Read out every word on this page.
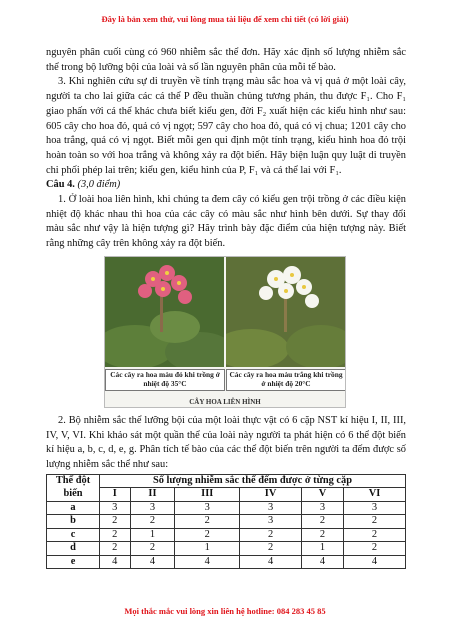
Đây là bản xem thử, vui lòng mua tài liệu để xem chi tiết (có lời giải)

nguyên phân cuối cùng có 960 nhiễm sắc thể đơn. Hãy xác định số lượng nhiễm sắc thể trong bộ lưỡng bội của loài và số lần nguyên phân của mỗi tế bào.

3. Khi nghiên cứu sự di truyền về tính trạng màu sắc hoa và vị quả ở một loài cây, người ta cho lai giữa các cá thể P đều thuần chủng tương phản, thu được F₁. Cho F₁ giao phấn với cá thể khác chưa biết kiểu gen, đời F₂ xuất hiện các kiểu hình như sau: 605 cây cho hoa đỏ, quả có vị ngọt; 597 cây cho hoa đỏ, quả có vị chua; 1201 cây cho hoa trắng, quả có vị ngọt. Biết mỗi gen qui định một tính trạng, kiểu hình hoa đỏ trội hoàn toàn so với hoa trắng và không xảy ra đột biến. Hãy biện luận quy luật di truyền chi phối phép lai trên; kiểu gen, kiểu hình của P, F₁ và cá thể lai với F₁.

Câu 4. (3,0 điểm)

1. Ở loài hoa liên hình, khi chúng ta đem cây có kiểu gen trội trồng ở các điều kiện nhiệt độ khác nhau thì hoa của các cây có màu sắc như hình bên dưới. Sự thay đổi màu sắc như vậy là hiện tượng gì? Hãy trình bày đặc điểm của hiện tượng này. Biết rằng những cây trên không xảy ra đột biến.

Các cây ra hoa màu đỏ khi trồng ở nhiệt độ 35°C
Các cây ra hoa màu trắng khi trồng ở nhiệt độ 20°C
CÂY HOA LIÊN HÌNH

2. Bộ nhiễm sắc thể lưỡng bội của một loài thực vật có 6 cặp NST kí hiệu I, II, III, IV, V, VI. Khi khảo sát một quần thể của loài này người ta phát hiện có 6 thể đột biến kí hiệu a, b, c, d, e, g. Phân tích tế bào của các thể đột biến trên người ta đếm được số lượng nhiễm sắc thể như sau:

Thể đột biến	Số lượng nhiễm sắc thể đếm được ở từng cặp					
	I	II	III	IV	V	VI
a	3	3	3	3	3	3
b	2	2	2	3	2	2
c	2	1	2	2	2	2
d	2	2	1	2	1	2
e	4	4	4	4	4	4
Mọi thắc mắc vui lòng xin liên hệ hotline: 084 283 45 85
